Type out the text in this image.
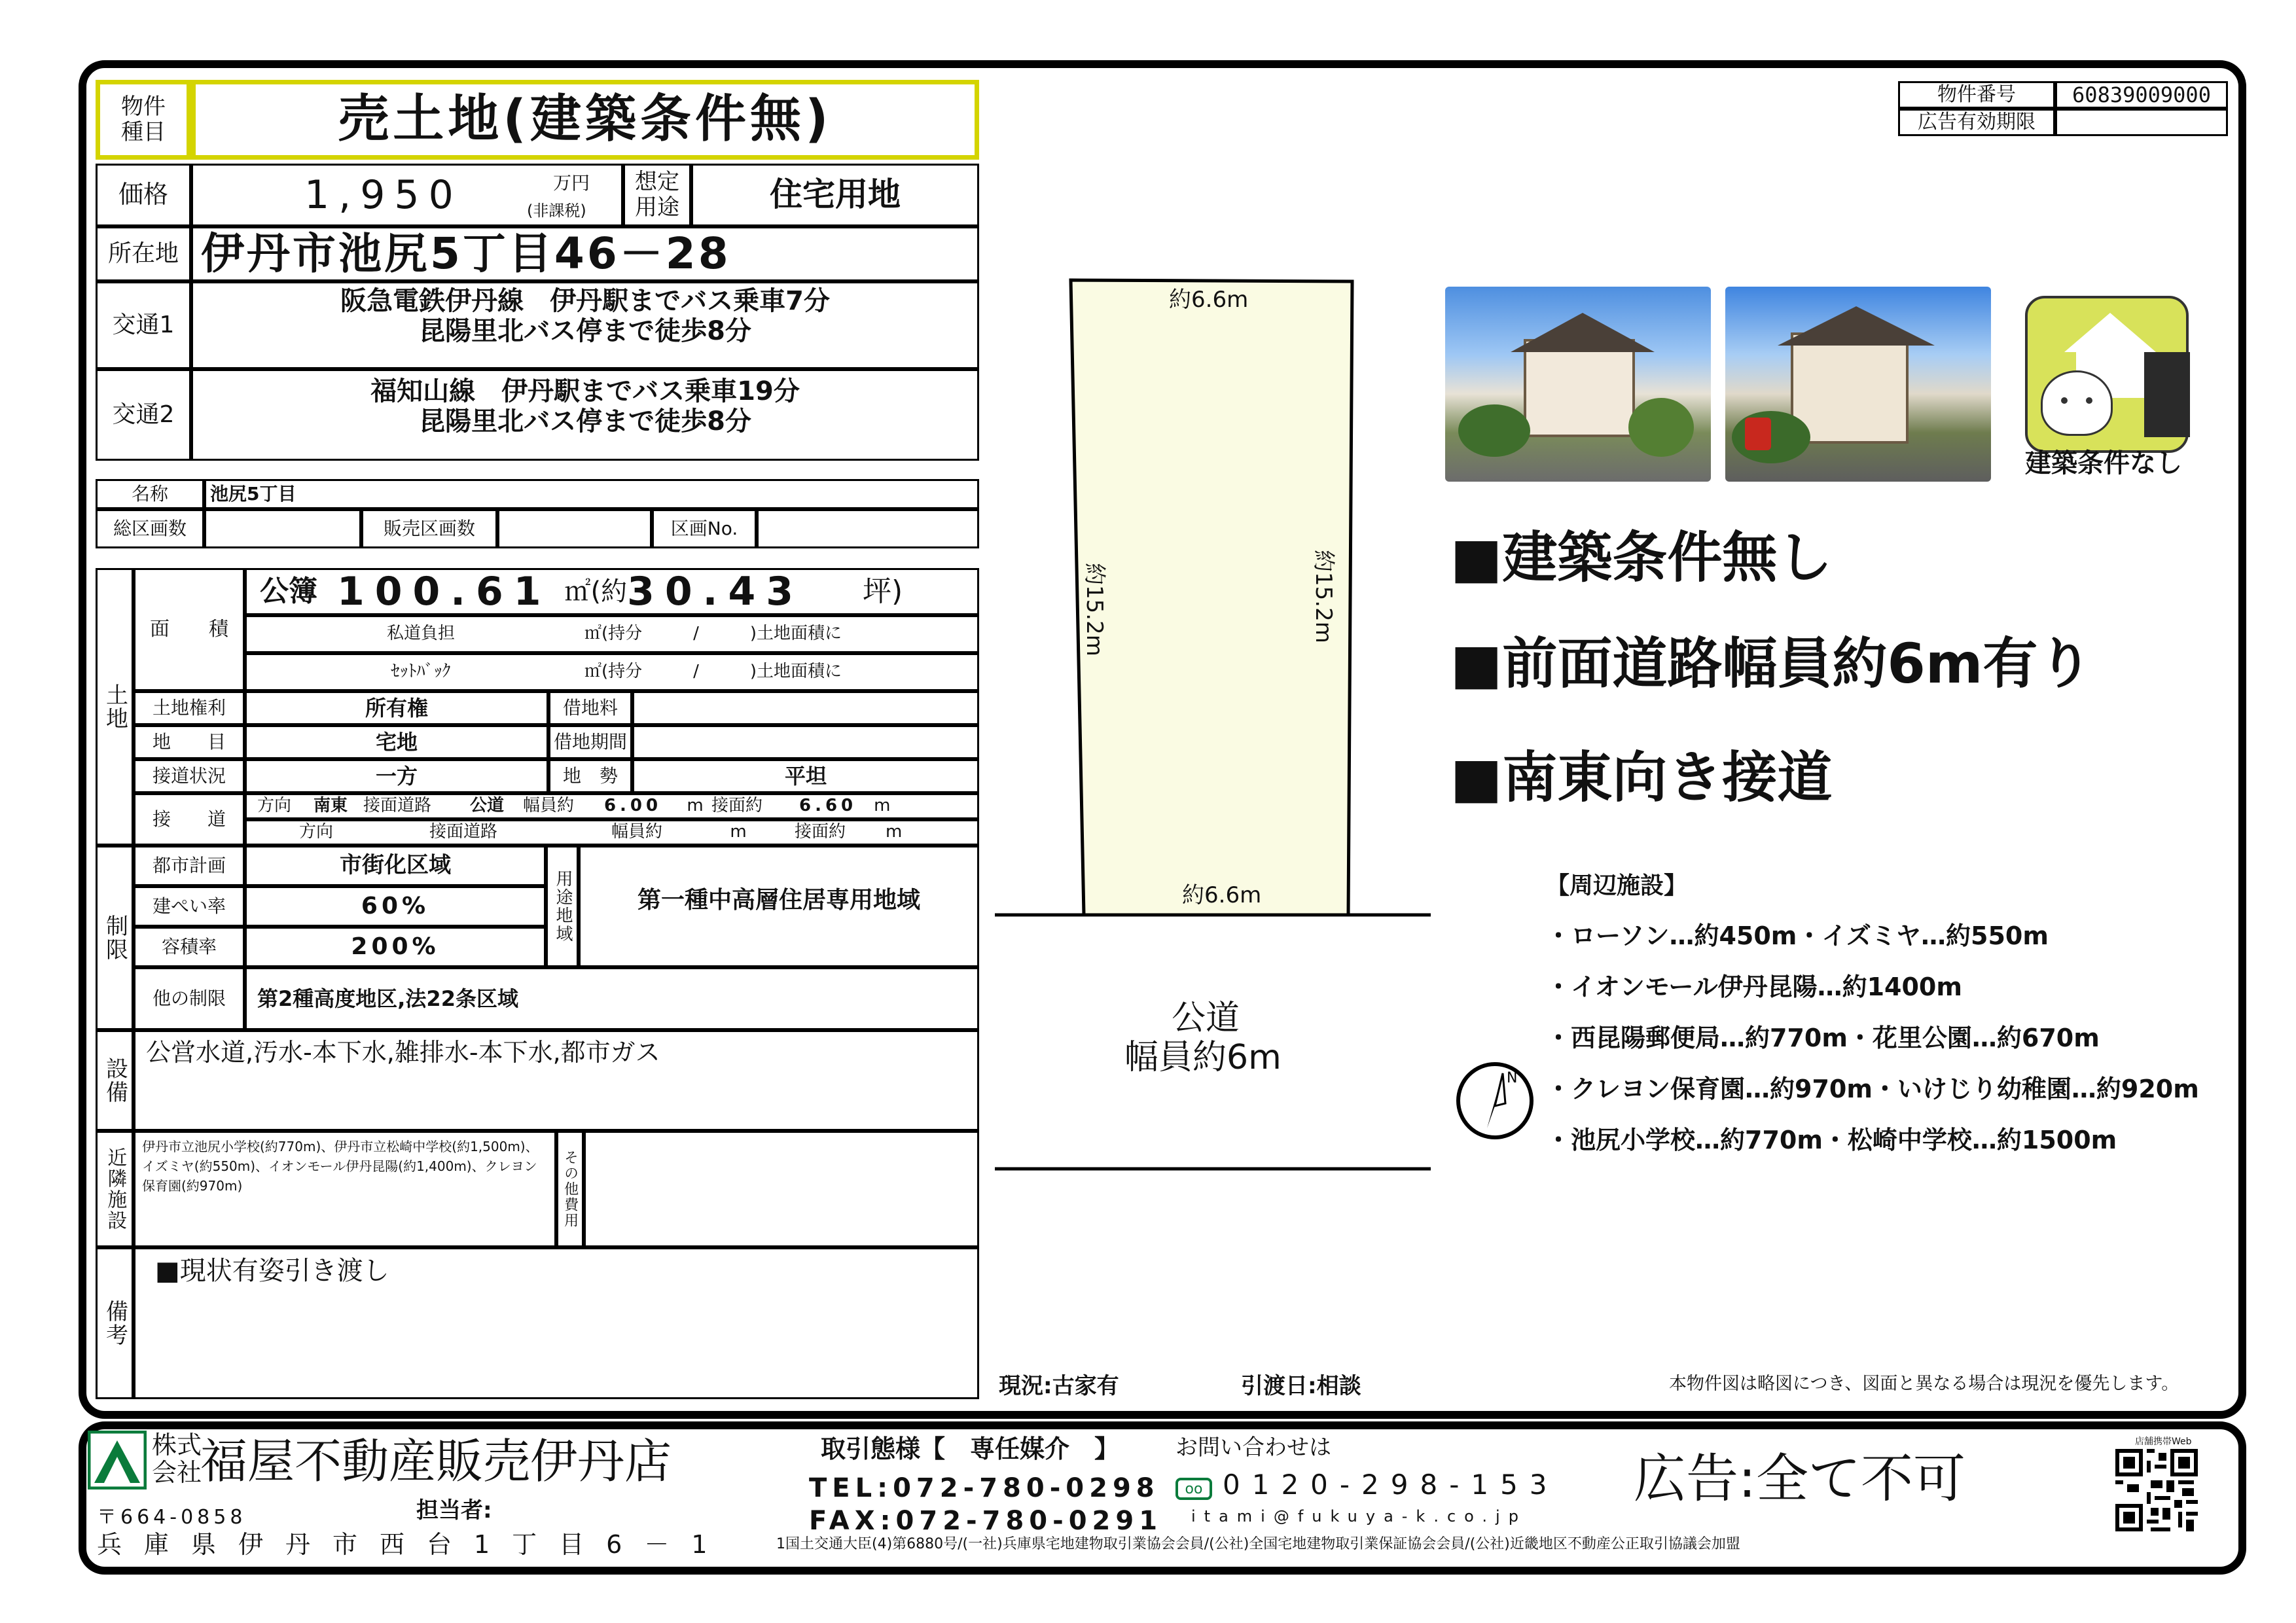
物件種目	売土地(建築条件無)
価格	1,950	万円
(非課税)
想定用途	住宅用地
所在地 伊丹市池尻5丁目46－28
交通1
阪急電鉄伊丹線　伊丹駅までバス乗車7分
昆陽里北バス停まで徒歩8分
交通2
福知山線　伊丹駅までバス乗車19分
昆陽里北バス停まで徒歩8分
名称 池尻5丁目
総区画数	販売区画数	区画No.
土地
面　　積
公簿 100.61 ㎡(約 30.43 坪)
私道負担	㎡(持分　　　/　　　)土地面積に
ｾｯﾄﾊﾞｯｸ	㎡(持分　　　/　　　)土地面積に
土地権利	所有権	借地料
地　　目	宅地	借地期間
接道状況	一方	地　勢	平坦
接　　道
方向	南東 接面道路	公道	幅員約	6.00	m 接面約	6.60 m
方向	接面道路	幅員約	m	接面約	m
制限
都市計画	市街化区域
建ぺい率	60%
容積率	200%
用途地域	第一種中高層住居専用地域
他の制限 第2種高度地区,法22条区域
設備
公営水道,汚水-本下水,雑排水-本下水,都市ガス
近隣施設
伊丹市立池尻小学校(約770m)、伊丹市立松崎中学校(約1,500m)、イズミヤ(約550m)、イオンモール伊丹昆陽(約1,400m)、クレヨン保育園(約970m)	その他費用
備考
■現状有姿引き渡し
物件番号	60839009000
広告有効期限
約6.6m
約6.6m
約15.2m	約15.2m
公道
幅員約6m
建築条件なし
■建築条件無し
■前面道路幅員約6m有り
■南東向き接道
【周辺施設】
・ローソン…約450m・イズミヤ…約550m
・イオンモール伊丹昆陽…約1400m
・西昆陽郵便局…約770m・花里公園…約670m
・クレヨン保育園…約970m・いけじり幼稚園…約920m
・池尻小学校…約770m・松崎中学校…約1500m
N
現況:古家有	引渡日:相談	本物件図は略図につき、図面と異なる場合は現況を優先します。
株式会社
福屋不動産販売伊丹店
〒664-0858	担当者:
兵庫県伊丹市西台1丁目6－1
取引態様【　専任媒介　】	お問い合わせは
TEL:072-780-0298
FAX:072-780-0291
oo 0120-298-153
itami@fukuya-k.co.jp
広告:全て不可
1国土交通大臣(4)第6880号/(一社)兵庫県宅地建物取引業協会会員/(公社)全国宅地建物取引業保証協会会員/(公社)近畿地区不動産公正取引協議会加盟
店舗携帯Web
